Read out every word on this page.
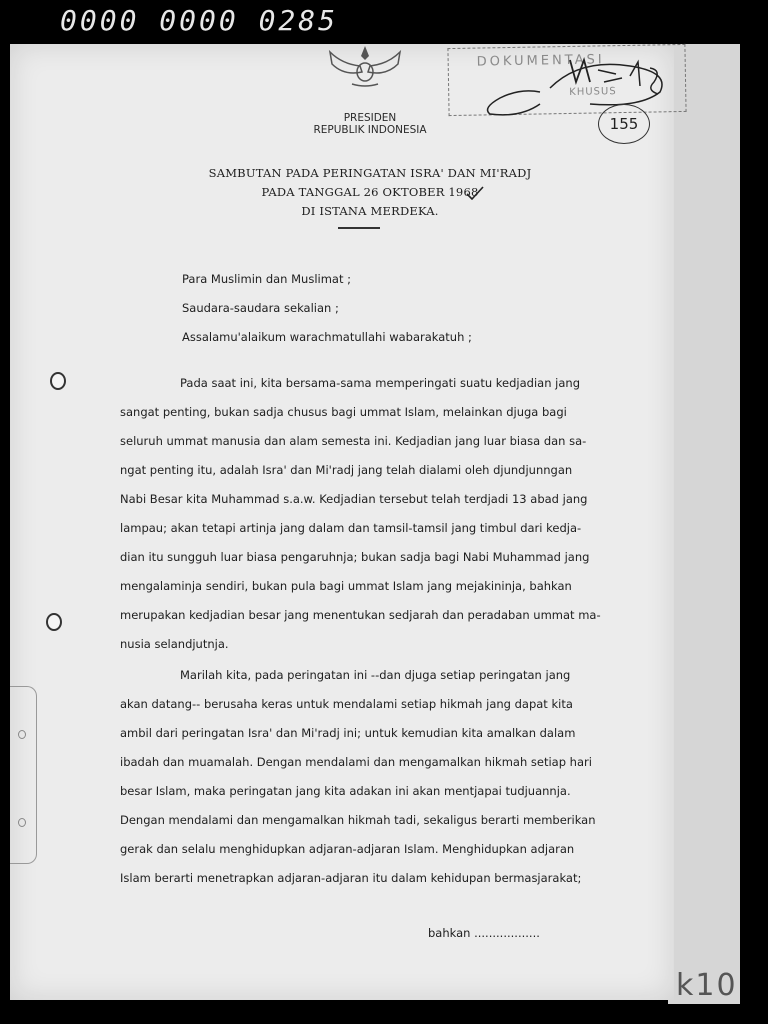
0000 0000 0285
k10
PRESIDEN
REPUBLIK INDONESIA
DOKUMENTASI
KHUSUS
155
SAMBUTAN PADA PERINGATAN ISRA' DAN MI'RADJ
PADA TANGGAL 26 OKTOBER 1968
DI ISTANA MERDEKA.
Para Muslimin dan Muslimat ;
Saudara-saudara sekalian ;
Assalamu'alaikum warachmatullahi wabarakatuh ;
Pada saat ini, kita bersama-sama memperingati suatu kedjadian jang
sangat penting, bukan sadja chusus bagi ummat Islam, melainkan djuga bagi
seluruh ummat manusia dan alam semesta ini. Kedjadian jang luar biasa dan sa-
ngat penting itu, adalah Isra' dan Mi'radj jang telah dialami oleh djundjunngan
Nabi Besar kita Muhammad s.a.w. Kedjadian tersebut telah terdjadi 13 abad jang
lampau; akan tetapi artinja jang dalam dan tamsil-tamsil jang timbul dari kedja-
dian itu sungguh luar biasa pengaruhnja; bukan sadja bagi Nabi Muhammad jang
mengalaminja sendiri, bukan pula bagi ummat Islam jang mejakininja, bahkan
merupakan kedjadian besar jang menentukan sedjarah dan peradaban ummat ma-
nusia selandjutnja.
Marilah kita, pada peringatan ini --dan djuga setiap peringatan jang
akan datang-- berusaha keras untuk mendalami setiap hikmah jang dapat kita
ambil dari peringatan Isra' dan Mi'radj ini; untuk kemudian kita amalkan dalam
ibadah dan muamalah. Dengan mendalami dan mengamalkan hikmah setiap hari
besar Islam, maka peringatan jang kita adakan ini akan mentjapai tudjuannja.
Dengan mendalami dan mengamalkan hikmah tadi, sekaligus berarti memberikan
gerak dan selalu menghidupkan adjaran-adjaran Islam. Menghidupkan adjaran
Islam berarti menetrapkan adjaran-adjaran itu dalam kehidupan bermasjarakat;
bahkan ..................
